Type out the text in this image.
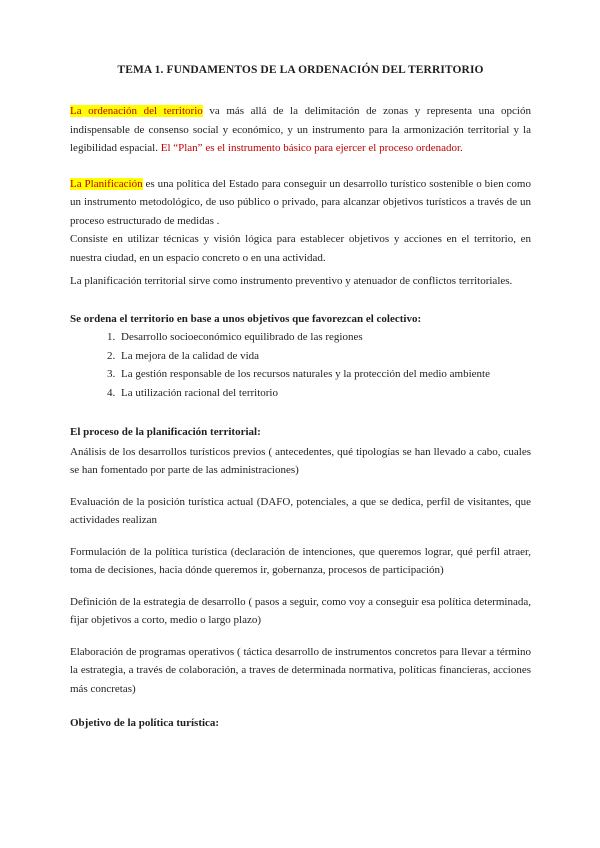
TEMA 1. FUNDAMENTOS DE LA ORDENACIÓN DEL TERRITORIO

La ordenación del territorio va más allá de la delimitación de zonas y representa una opción indispensable de consenso social y económico, y un instrumento para la armonización territorial y la legibilidad espacial. El “Plan” es el instrumento básico para ejercer el proceso ordenador.

La Planificación es una política del Estado para conseguir un desarrollo turístico sostenible o bien como un instrumento metodológico, de uso público o privado, para alcanzar objetivos turísticos a través de un proceso estructurado de medidas .

Consiste en utilizar técnicas y visión lógica para establecer objetivos y acciones en el territorio, en nuestra ciudad, en un espacio concreto o en una actividad.

La planificación territorial sirve como instrumento preventivo y atenuador de conflictos territoriales.

Se ordena el territorio en base a unos objetivos que favorezcan el colectivo:

1. Desarrollo socioeconómico equilibrado de las regiones
2. La mejora de la calidad de vida
3. La gestión responsable de los recursos naturales y la protección del medio ambiente
4. La utilización racional del territorio

El proceso de la planificación territorial:

Análisis de los desarrollos turísticos previos ( antecedentes, qué tipologías se han llevado a cabo, cuales se han fomentado por parte de las administraciones)

Evaluación de la posición turística actual (DAFO, potenciales, a que se dedica, perfil de visitantes, que actividades realizan

Formulación de la política turística (declaración de intenciones, que queremos lograr, qué perfil atraer, toma de decisiones, hacia dónde queremos ir, gobernanza, procesos de participación)

Definición de la estrategia de desarrollo ( pasos a seguir, como voy a conseguir esa política determinada, fijar objetivos a corto, medio o largo plazo)

Elaboración de programas operativos ( táctica desarrollo de instrumentos concretos para llevar a término la estrategia, a través de colaboración, a traves de determinada normativa, políticas financieras, acciones más concretas)

Objetivo de la política turística:
